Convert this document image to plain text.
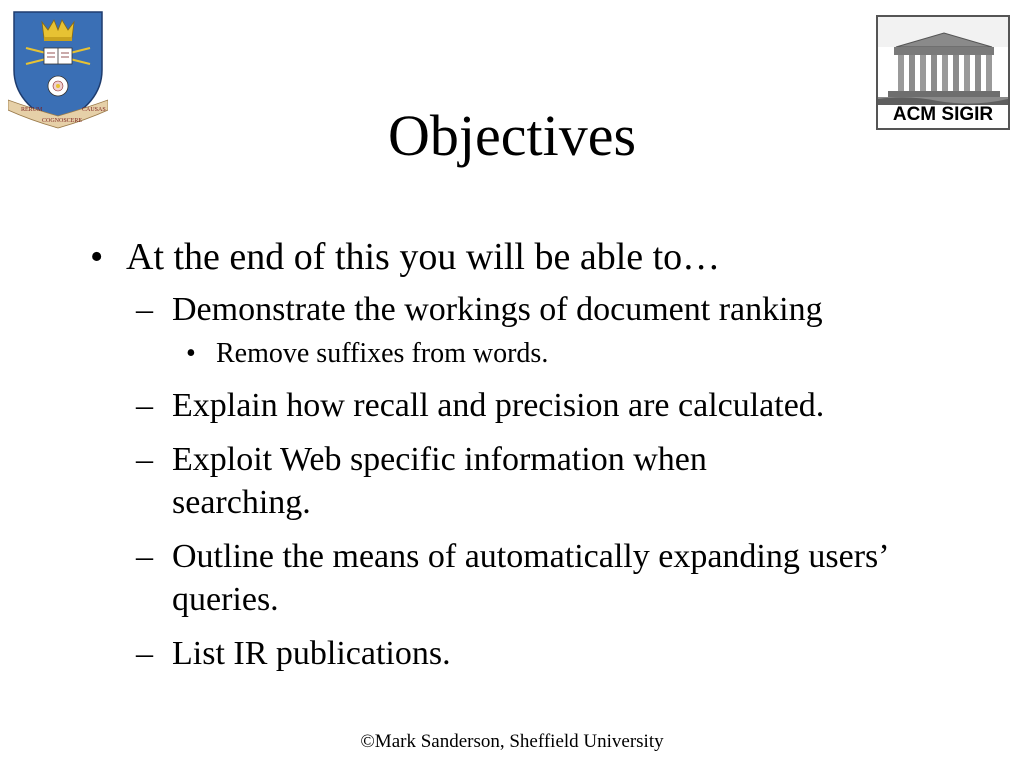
RERUM
COGNOSCERE
CAUSAS	ACM SIGIR
Objectives
• At the end of this you will be able to…
– Demonstrate the workings of document ranking
• Remove suffixes from words.
– Explain how recall and precision are calculated.
– Exploit Web specific information when searching.
– Outline the means of automatically expanding users’ queries.
– List IR publications.
©Mark Sanderson, Sheffield University
